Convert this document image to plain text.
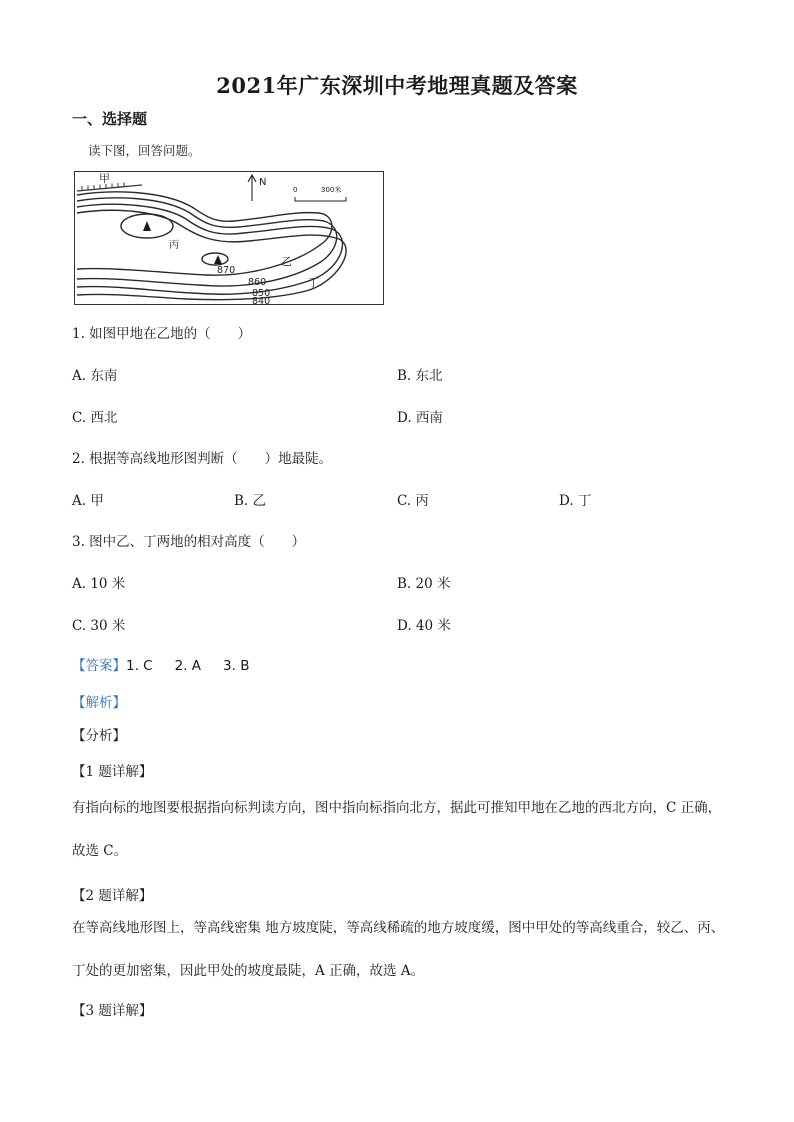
2021年广东深圳中考地理真题及答案
一、选择题
读下图，回答问题。
N
0	300米
甲
乙
丙
丁
870
860
850
840
1. 如图甲地在乙地的（　　）
A. 东南	B. 东北
C. 西北	D. 西南
2. 根据等高线地形图判断（　　）地最陡。
A. 甲	B. 乙	C. 丙	D. 丁
3. 图中乙、丁两地的相对高度（　　）
A. 10 米	B. 20 米
C. 30 米	D. 40 米
【答案】1. C 2. A 3. B
【解析】
【分析】
【1 题详解】
有指向标的地图要根据指向标判读方向，图中指向标指向北方，据此可推知甲地在乙地的西北方向，C 正确，故选 C。
【2 题详解】
在等高线地形图上，等高线密集 地方坡度陡，等高线稀疏的地方坡度缓，图中甲处的等高线重合，较乙、丙、丁处的更加密集，因此甲处的坡度最陡，A 正确，故选 A。
【3 题详解】
